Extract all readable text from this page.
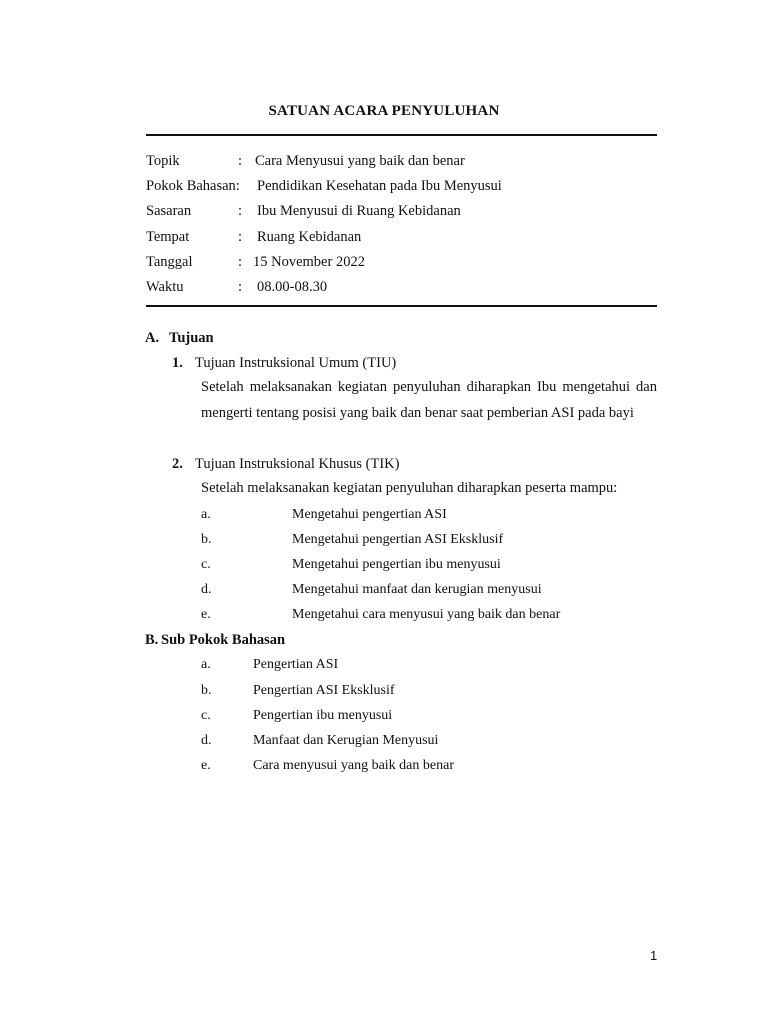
SATUAN ACARA PENYULUHAN
Topik	: Cara Menyusui yang baik dan benar
Pokok Bahasan: Pendidikan Kesehatan pada Ibu Menyusui
Sasaran	: Ibu Menyusui di Ruang Kebidanan
Tempat	: Ruang Kebidanan
Tanggal	: 15 November 2022
Waktu	: 08.00-08.30
A. Tujuan
1. Tujuan Instruksional Umum (TIU)
Setelah melaksanakan kegiatan penyuluhan diharapkan Ibu mengetahui dan mengerti tentang posisi yang baik dan benar saat pemberian ASI pada bayi
2. Tujuan Instruksional Khusus (TIK)
Setelah melaksanakan kegiatan penyuluhan diharapkan peserta mampu:
a.	Mengetahui pengertian ASI
b.	Mengetahui pengertian ASI Eksklusif
c.	Mengetahui pengertian ibu menyusui
d.	Mengetahui manfaat dan kerugian menyusui
e.	Mengetahui cara menyusui yang baik dan benar
B. Sub Pokok Bahasan
a.	Pengertian ASI
b.	Pengertian ASI Eksklusif
c.	Pengertian ibu menyusui
d.	Manfaat dan Kerugian Menyusui
e.	Cara menyusui yang baik dan benar
1
